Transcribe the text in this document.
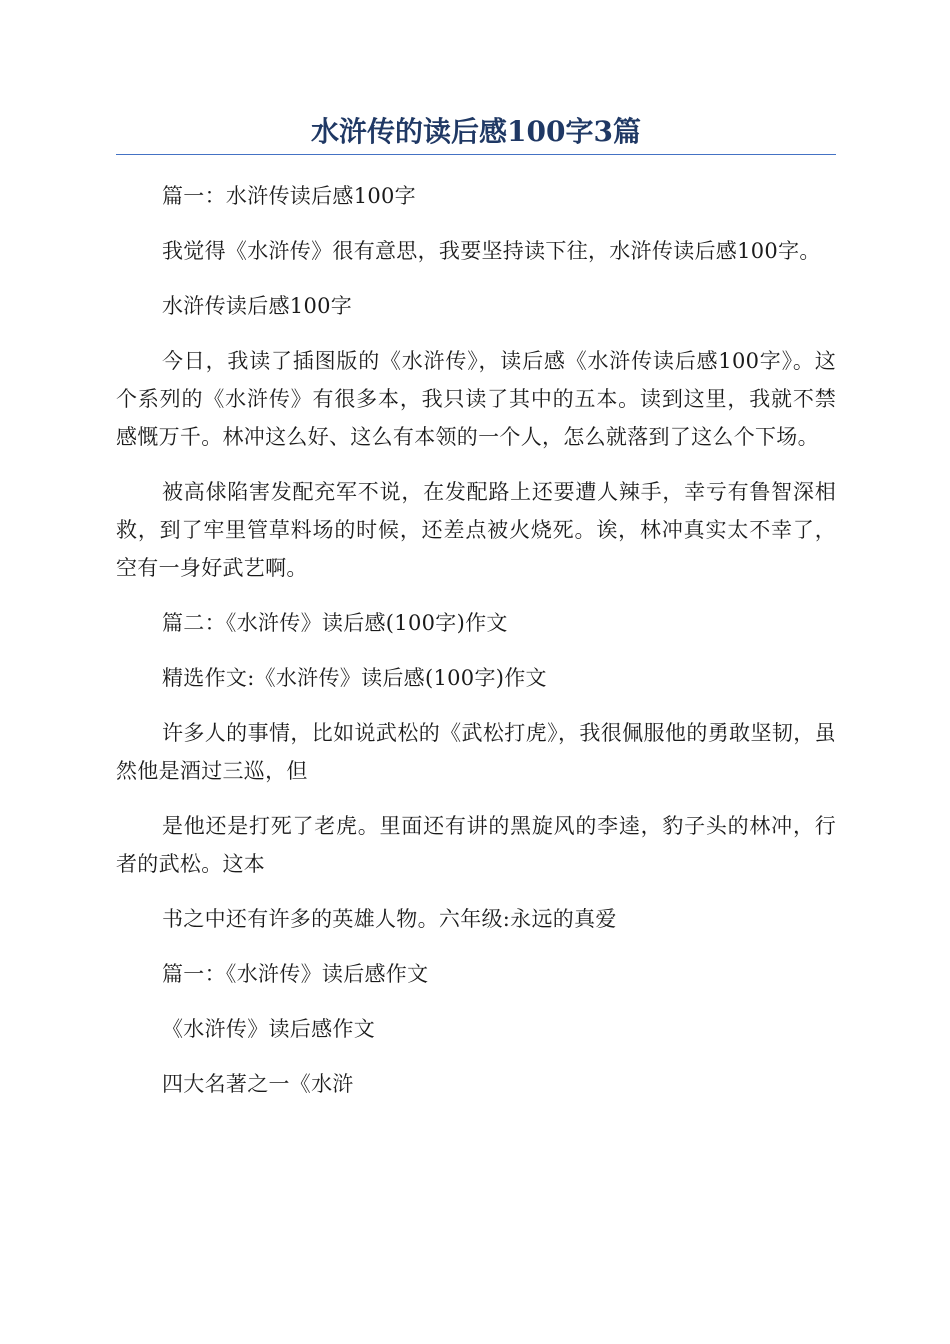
水浒传的读后感100字3篇

篇一：水浒传读后感100字

我觉得《水浒传》很有意思，我要坚持读下往，水浒传读后感100字。

水浒传读后感100字

今日，我读了插图版的《水浒传》，读后感《水浒传读后感100字》。这个系列的《水浒传》有很多本，我只读了其中的五本。读到这里，我就不禁感慨万千。林冲这么好、这么有本领的一个人，怎么就落到了这么个下场。

被高俅陷害发配充军不说，在发配路上还要遭人辣手，幸亏有鲁智深相救，到了牢里管草料场的时候，还差点被火烧死。诶，林冲真实太不幸了，空有一身好武艺啊。

篇二：《水浒传》读后感(100字)作文

精选作文:《水浒传》读后感(100字)作文

许多人的事情，比如说武松的《武松打虎》，我很佩服他的勇敢坚韧，虽然他是酒过三巡，但

是他还是打死了老虎。里面还有讲的黑旋风的李逵，豹子头的林冲，行者的武松。这本

书之中还有许多的英雄人物。六年级:永远的真爱

篇一：《水浒传》读后感作文

《水浒传》读后感作文

四大名著之一《水浒
